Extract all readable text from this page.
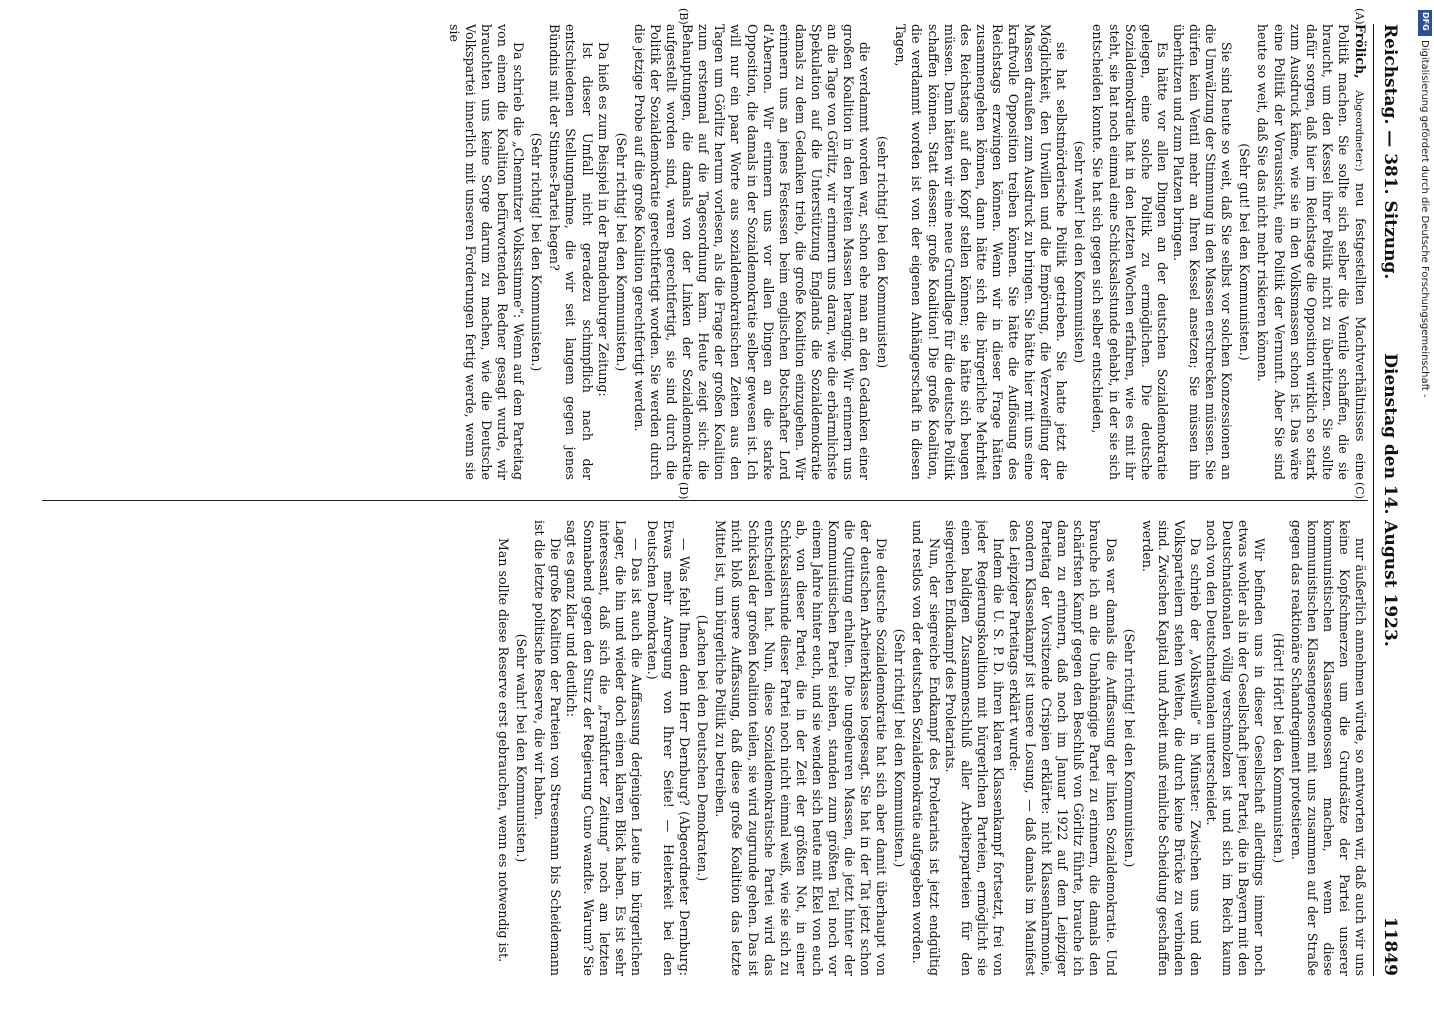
Reichstag. — 381. Sitzung.
Dienstag den 14. August 1923.
11849

Frölich, Abgeordneter:) neu festgestellten Machtverhältnisses eine Politik machen. Sie sollte sich selber die Ventile schaffen, die sie braucht, um den Kessel ihrer Politik nicht zu überhitzen. Sie sollte dafür sorgen, daß hier im Reichstage die Opposition wirklich so stark zum Ausdruck käme, wie sie in den Volksmassen schon ist. Das wäre eine Politik der Voraussicht, eine Politik der Vernunft. Aber Sie sind heute so weit, daß Sie das nicht mehr riskieren können.

(Sehr gut! bei den Kommunisten.)

Sie sind heute so weit, daß Sie selbst vor solchen Konzessionen an die Umwälzung der Stimmung in den Massen erschrecken müssen. Sie dürfen kein Ventil mehr an Ihren Kessel ansetzen; Sie müssen ihn überhitzen und zum Platzen bringen.

Es hätte vor allen Dingen an der deutschen Sozialdemokratie gelegen, eine solche Politik zu ermöglichen. Die deutsche Sozialdemokratie hat in den letzten Wochen erfahren, wie es mit ihr steht, sie hat noch einmal eine Schicksalsstunde gehabt, in der sie sich entscheiden konnte. Sie hat sich gegen sich selber entschieden,

(sehr wahr! bei den Kommunisten)

sie hat selbstmörderische Politik getrieben. Sie hatte jetzt die Möglichkeit, den Unwillen und die Empörung, die Verzweiflung der Massen draußen zum Ausdruck zu bringen. Sie hätte hier mit uns eine kraftvolle Opposition treiben können. Sie hätte die Auflösung des Reichstags erzwingen können. Wenn wir in dieser Frage hätten zusammengehen können, dann hätte sich die bürgerliche Mehrheit des Reichstags auf den Kopf stellen können; sie hätte sich beugen müssen. Dann hätten wir eine neue Grundlage für die deutsche Politik schaffen können. Statt dessen: große Koalition! Die große Koalition, die verdammt worden ist von der eigenen Anhängerschaft in diesen Tagen,

(sehr richtig! bei den Kommunisten)

die verdammt worden war, schon ehe man an den Gedanken einer großen Koalition in den breiten Massen heranging. Wir erinnern uns an die Tage von Görlitz, wir erinnern uns daran, wie die erbärmlichste Spekulation auf die Unterstützung Englands die Sozialdemokratie damals zu dem Gedanken trieb, die große Koalition einzugehen. Wir erinnern uns an jenes Festessen beim englischen Botschafter Lord d'Abernon. Wir erinnern uns vor allen Dingen an die starke Opposition, die damals in der Sozialdemokratie selber gewesen ist. Ich will nur ein paar Worte aus sozialdemokratischen Zeiten aus den Tagen um Görlitz herum vorlesen, als die Frage der großen Koalition zum erstenmal auf die Tagesordnung kam. Heute zeigt sich: die Behauptungen, die damals von der Linken der Sozialdemokratie aufgestellt worden sind, waren gerechtfertigt, sie sind durch die Politik der Sozialdemokratie gerechtfertigt worden. Sie werden durch die jetzige Probe auf die große Koalition gerechtfertigt werden.

(Sehr richtig! bei den Kommunisten.)

Da hieß es zum Beispiel in der Brandenburger Zeitung:

Ist dieser Umfall nicht geradezu schimpflich nach der entschiedenen Stellungnahme, die wir seit langem gegen jenes Bündnis mit der Stinnes-Partei hegen?

(Sehr richtig! bei den Kommunisten.)

Da schrieb die „Chemnitzer Volksstimme“: Wenn auf dem Parteitag von einem die Koalition befürwortenden Redner gesagt wurde, wir brauchten uns keine Sorge darum zu machen, wie die Deutsche Volkspartei innerlich mit unseren Forderungen fertig werde, wenn sie sie

nur äußerlich annehmen würde, so antworten wir, daß auch wir uns keine Kopfschmerzen um die Grundsätze der Partei unserer kommunistischen Klassengenossen machen, wenn diese kommunistischen Klassengenossen mit uns zusammen auf der Straße gegen das reaktionäre Schandregiment protestieren.

(Hört! Hört! bei den Kommunisten.)

Wir befinden uns in dieser Gesellschaft allerdings immer noch etwas wohler als in der Gesellschaft jener Partei, die in Bayern mit den Deutschnationalen völlig verschmolzen ist und sich im Reich kaum noch von den Deutschnationalen unterscheidet.

Da schrieb der „Volkswille“ in Münster: Zwischen uns und den Volksparteilern stehen Welten, die durch keine Brücke zu verbinden sind. Zwischen Kapital und Arbeit muß reinliche Scheidung geschaffen werden.

(Sehr richtig! bei den Kommunisten.)

Das war damals die Auffassung der linken Sozialdemokratie. Und brauche ich an die Unabhängige Partei zu erinnern, die damals den schärfsten Kampf gegen den Beschluß von Görlitz führte, brauche ich daran zu erinnern, daß noch im Januar 1922 auf dem Leipziger Parteitag der Vorsitzende Crispien erklärte: nicht Klassenharmonie, sondern Klassenkampf ist unsere Losung, — daß damals im Manifest des Leipziger Parteitags erklärt wurde:

Indem die U. S. P. D. ihren klaren Klassenkampf fortsetzt, frei von jeder Regierungskoalition mit bürgerlichen Parteien, ermöglicht sie einen baldigen Zusammenschluß aller Arbeiterparteien für den siegreichen Endkampf des Proletariats.

Nun, der siegreiche Endkampf des Proletariats ist jetzt endgültig und restlos von der deutschen Sozialdemokratie aufgegeben worden.

(Sehr richtig! bei den Kommunisten.)

Die deutsche Sozialdemokratie hat sich aber damit überhaupt von der deutschen Arbeiterklasse losgesagt. Sie hat in der Tat jetzt schon die Quittung erhalten. Die ungeheuren Massen, die jetzt hinter der Kommunistischen Partei stehen, standen zum größten Teil noch vor einem Jahre hinter euch, und sie wenden sich heute mit Ekel von euch ab, von dieser Partei, die in der Zeit der größten Not, in einer Schicksalsstunde dieser Partei noch nicht einmal weiß, wie sie sich zu entscheiden hat. Nun, diese Sozialdemokratische Partei wird das Schicksal der großen Koalition teilen, sie wird zugrunde gehen. Das ist nicht bloß unsere Auffassung, daß diese große Koalition das letzte Mittel ist, um bürgerliche Politik zu betreiben.

(Lachen bei den Deutschen Demokraten.)

— Was fehlt Ihnen denn Herr Dernburg? (Abgeordneter Dernburg: Etwas mehr Anregung von Ihrer Seite! — Heiterkeit bei den Deutschen Demokraten.)

— Das ist auch die Auffassung derjenigen Leute im bürgerlichen Lager, die hin und wieder doch einen klaren Blick haben. Es ist sehr interessant, daß sich die „Frankfurter Zeitung“ noch am letzten Sonnabend gegen den Sturz der Regierung Cuno wandte. Warum? Sie sagt es ganz klar und deutlich:

Die große Koalition der Parteien von Stresemann bis Scheidemann ist die letzte politische Reserve, die wir haben.

(Sehr wahr! bei den Kommunisten.)

Man sollte diese Reserve erst gebrauchen, wenn es notwendig ist.

(A)
(B)
(C)
(D)
DFG
Digitalisierung gefördert durch die Deutsche Forschungsgemeinschaft -
